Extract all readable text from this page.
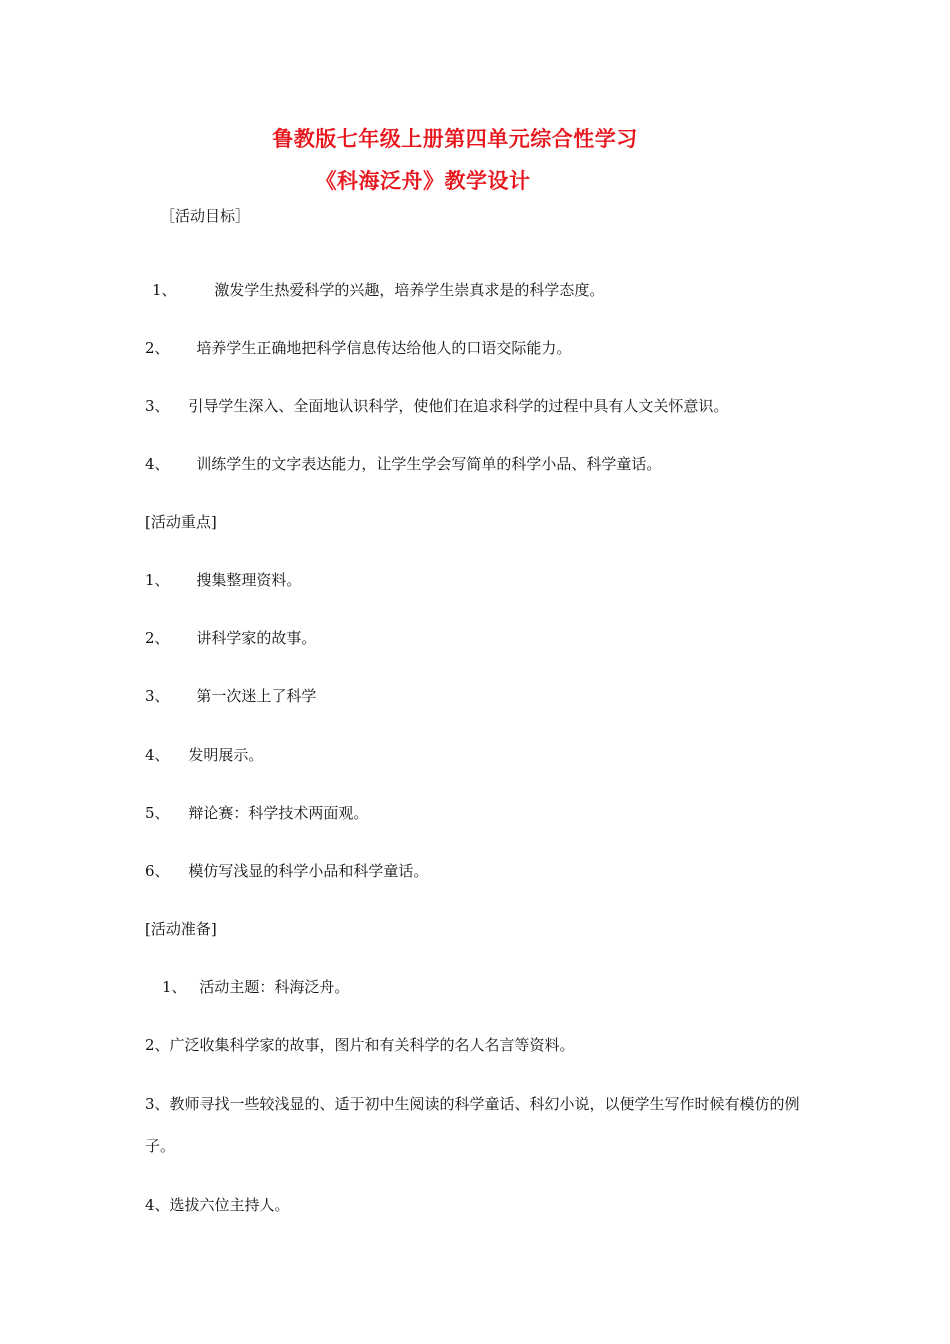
鲁教版七年级上册第四单元综合性学习
《科海泛舟》教学设计
［活动目标］
1、	激发学生热爱科学的兴趣，培养学生崇真求是的科学态度。
2、 培养学生正确地把科学信息传达给他人的口语交际能力。
3、 引导学生深入、全面地认识科学，使他们在追求科学的过程中具有人文关怀意识。
4、 训练学生的文字表达能力，让学生学会写简单的科学小品、科学童话。
[活动重点]
1、 搜集整理资料。
2、 讲科学家的故事。
3、 第一次迷上了科学
4、 发明展示。
5、 辩论赛：科学技术两面观。
6、 模仿写浅显的科学小品和科学童话。
[活动准备]
1、 活动主题：科海泛舟。
2、广泛收集科学家的故事，图片和有关科学的名人名言等资料。
3、教师寻找一些较浅显的、适于初中生阅读的科学童话、科幻小说，以便学生写作时候有模仿的例子。
4、选拔六位主持人。
